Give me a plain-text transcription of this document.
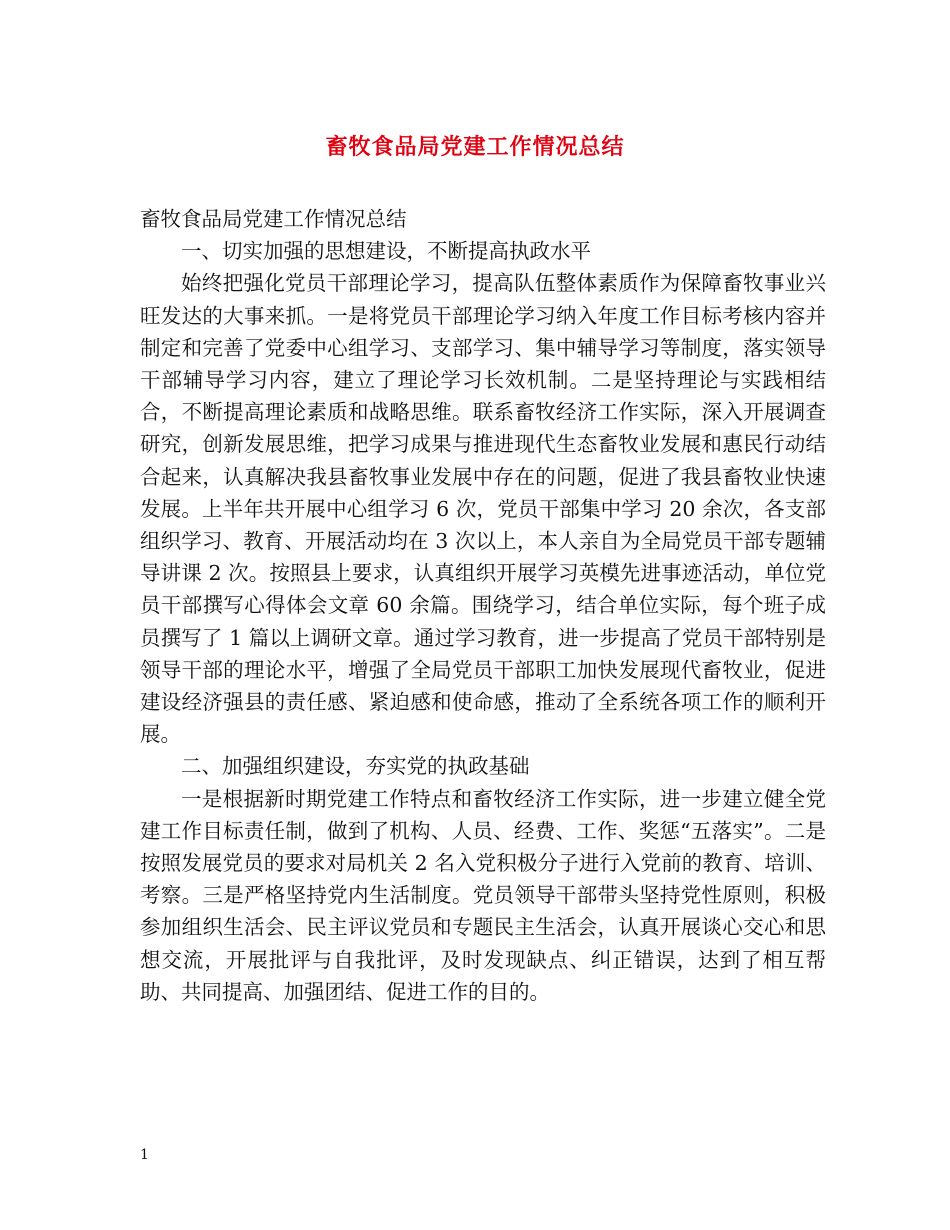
畜牧食品局党建工作情况总结

畜牧食品局党建工作情况总结

一、切实加强的思想建设，不断提高执政水平

始终把强化党员干部理论学习，提高队伍整体素质作为保障畜牧事业兴旺发达的大事来抓。一是将党员干部理论学习纳入年度工作目标考核内容并制定和完善了党委中心组学习、支部学习、集中辅导学习等制度，落实领导干部辅导学习内容，建立了理论学习长效机制。二是坚持理论与实践相结合，不断提高理论素质和战略思维。联系畜牧经济工作实际，深入开展调查研究，创新发展思维，把学习成果与推进现代生态畜牧业发展和惠民行动结合起来，认真解决我县畜牧事业发展中存在的问题，促进了我县畜牧业快速发展。上半年共开展中心组学习 6 次，党员干部集中学习 20 余次，各支部组织学习、教育、开展活动均在 3 次以上，本人亲自为全局党员干部专题辅导讲课 2 次。按照县上要求，认真组织开展学习英模先进事迹活动，单位党员干部撰写心得体会文章 60 余篇。围绕学习，结合单位实际，每个班子成员撰写了 1 篇以上调研文章。通过学习教育，进一步提高了党员干部特别是领导干部的理论水平，增强了全局党员干部职工加快发展现代畜牧业，促进建设经济强县的责任感、紧迫感和使命感，推动了全系统各项工作的顺利开展。

二、加强组织建设，夯实党的执政基础

一是根据新时期党建工作特点和畜牧经济工作实际，进一步建立健全党建工作目标责任制，做到了机构、人员、经费、工作、奖惩“五落实”。二是按照发展党员的要求对局机关 2 名入党积极分子进行入党前的教育、培训、考察。三是严格坚持党内生活制度。党员领导干部带头坚持党性原则，积极参加组织生活会、民主评议党员和专题民主生活会，认真开展谈心交心和思想交流，开展批评与自我批评，及时发现缺点、纠正错误，达到了相互帮助、共同提高、加强团结、促进工作的目的。

1
